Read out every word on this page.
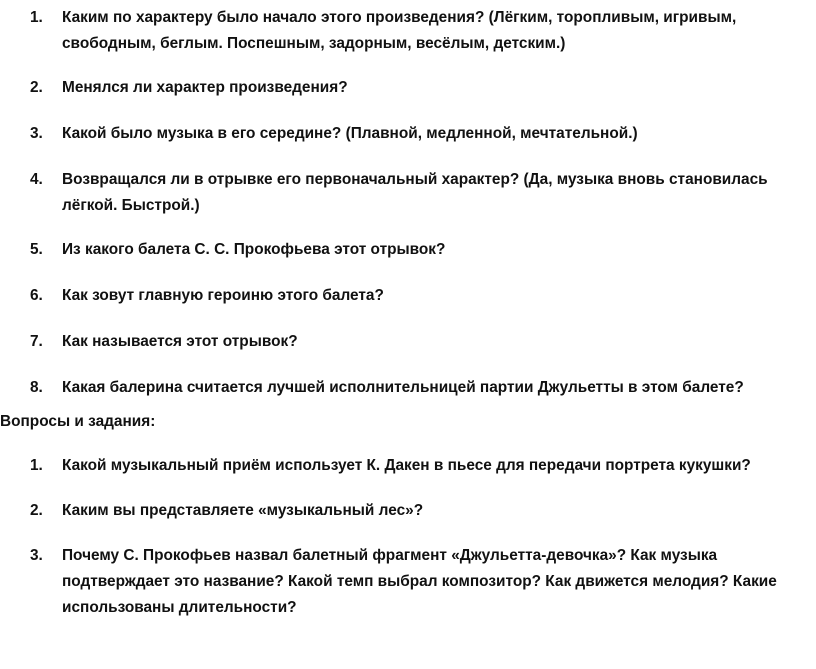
1. Каким по характеру было начало этого произведения? (Лёгким, торопливым, игривым, свободным, беглым. Поспешным, задорным, весёлым, детским.)
2. Менялся ли характер произведения?
3. Какой было музыка в его середине? (Плавной, медленной, мечтательной.)
4. Возвращался ли в отрывке его первоначальный характер? (Да, музыка вновь становилась лёгкой. Быстрой.)
5. Из какого балета С. С. Прокофьева этот отрывок?
6. Как зовут главную героиню этого балета?
7. Как называется этот отрывок?
8. Какая балерина считается лучшей исполнительницей партии Джульетты в этом балете?
Вопросы и задания:
1. Какой музыкальный приём использует К. Дакен в пьесе для передачи портрета кукушки?
2. Каким вы представляете «музыкальный лес»?
3. Почему С. Прокофьев назвал балетный фрагмент «Джульетта-девочка»? Как музыка подтверждает это название? Какой темп выбрал композитор? Как движется мелодия? Какие использованы длительности?
